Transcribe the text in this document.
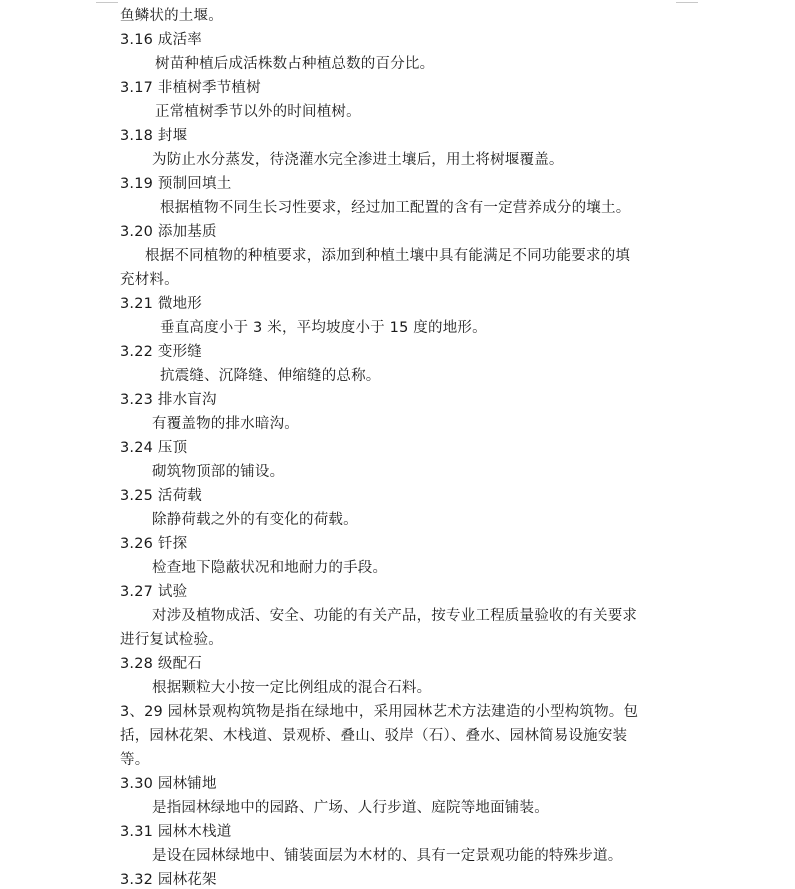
鱼鳞状的土堰。
3.16 成活率
树苗种植后成活株数占种植总数的百分比。
3.17 非植树季节植树
正常植树季节以外的时间植树。
3.18 封堰
为防止水分蒸发，待浇灌水完全渗进土壤后，用土将树堰覆盖。
3.19 预制回填土
根据植物不同生长习性要求，经过加工配置的含有一定营养成分的壤土。
3.20 添加基质
根据不同植物的种植要求，添加到种植土壤中具有能满足不同功能要求的填
充材料。
3.21 微地形
垂直高度小于 3 米，平均坡度小于 15 度的地形。
3.22 变形缝
抗震缝、沉降缝、伸缩缝的总称。
3.23 排水盲沟
有覆盖物的排水暗沟。
3.24 压顶
砌筑物顶部的铺设。
3.25 活荷载
除静荷载之外的有变化的荷载。
3.26 钎探
检查地下隐蔽状况和地耐力的手段。
3.27 试验
对涉及植物成活、安全、功能的有关产品，按专业工程质量验收的有关要求
进行复试检验。
3.28 级配石
根据颗粒大小按一定比例组成的混合石料。
3、29 园林景观构筑物是指在绿地中，采用园林艺术方法建造的小型构筑物。包
括，园林花架、木栈道、景观桥、叠山、驳岸（石）、叠水、园林简易设施安装
等。
3.30 园林铺地
是指园林绿地中的园路、广场、人行步道、庭院等地面铺装。
3.31 园林木栈道
是设在园林绿地中、铺装面层为木材的、具有一定景观功能的特殊步道。
3.32 园林花架
